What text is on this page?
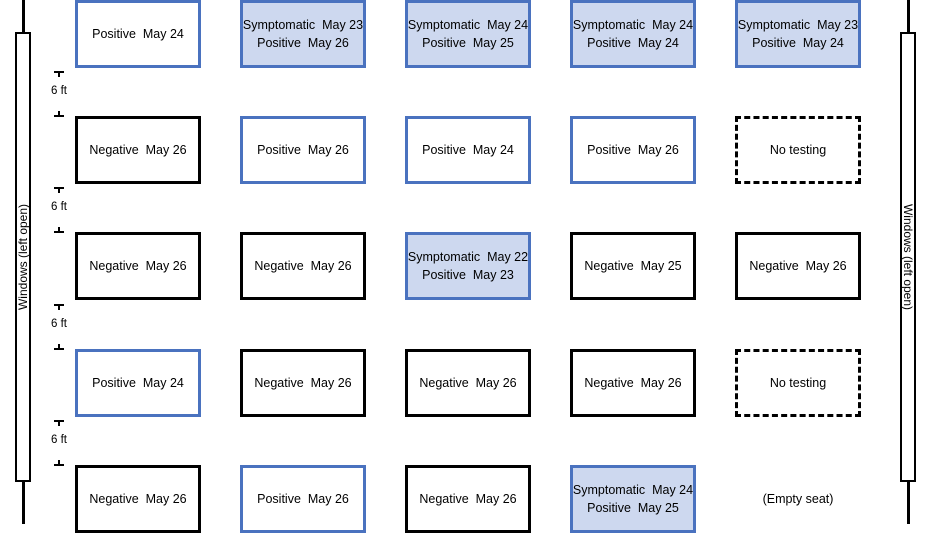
Windows (left open)	Windows (left open)
6 ft
6 ft
6 ft
6 ft
Positive  May 24
Symptomatic  May 23
Positive  May 26
Symptomatic  May 24
Positive  May 25
Symptomatic  May 24
Positive  May 24
Symptomatic  May 23
Positive  May 24
Negative  May 26	Positive  May 26	Positive  May 24	Positive  May 26	No testing
Negative  May 26	Negative  May 26
Symptomatic  May 22
Positive  May 23
Negative  May 25	Negative  May 26
Positive  May 24	Negative  May 26	Negative  May 26	Negative  May 26	No testing
Negative  May 26	Positive  May 26	Negative  May 26
Symptomatic  May 24
Positive  May 25
(Empty seat)
